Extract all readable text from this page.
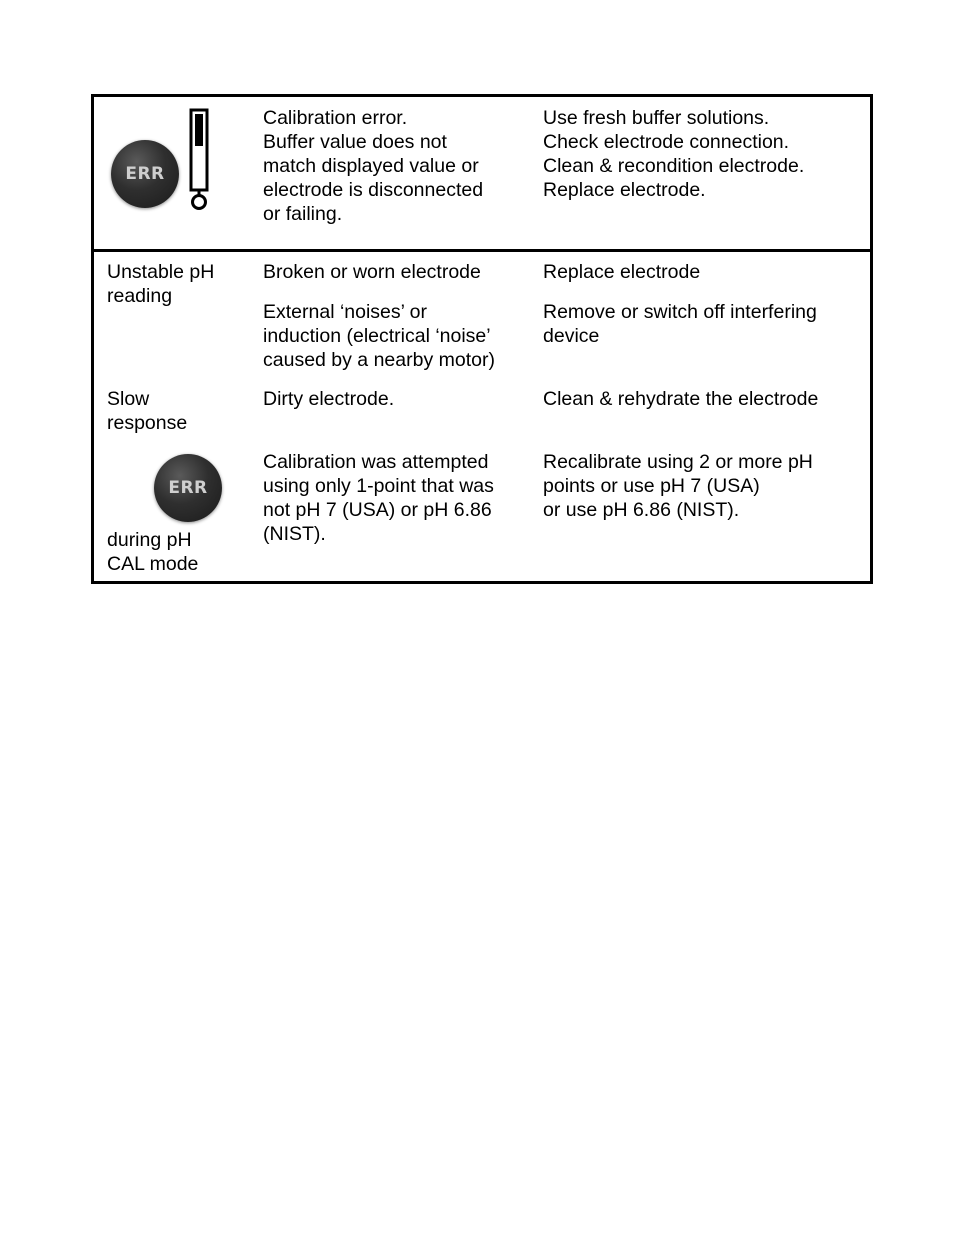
ERR

Calibration error.
Buffer value does not
match displayed value or
electrode is disconnected
or failing.

Use fresh buffer solutions.
Check electrode connection.
Clean & recondition electrode.
Replace electrode.

Unstable pH
reading

Broken or worn electrode	Replace electrode

External ‘noises’ or
induction (electrical ‘noise’
caused by a nearby motor)

Remove or switch off interfering
device

Slow
response

Dirty electrode.	Clean & rehydrate the electrode

ERR

during pH
CAL mode

Calibration was attempted
using only 1-point that was
not pH 7 (USA) or pH 6.86
(NIST).

Recalibrate using 2 or more pH
points or use pH 7 (USA)
or use pH 6.86 (NIST).
